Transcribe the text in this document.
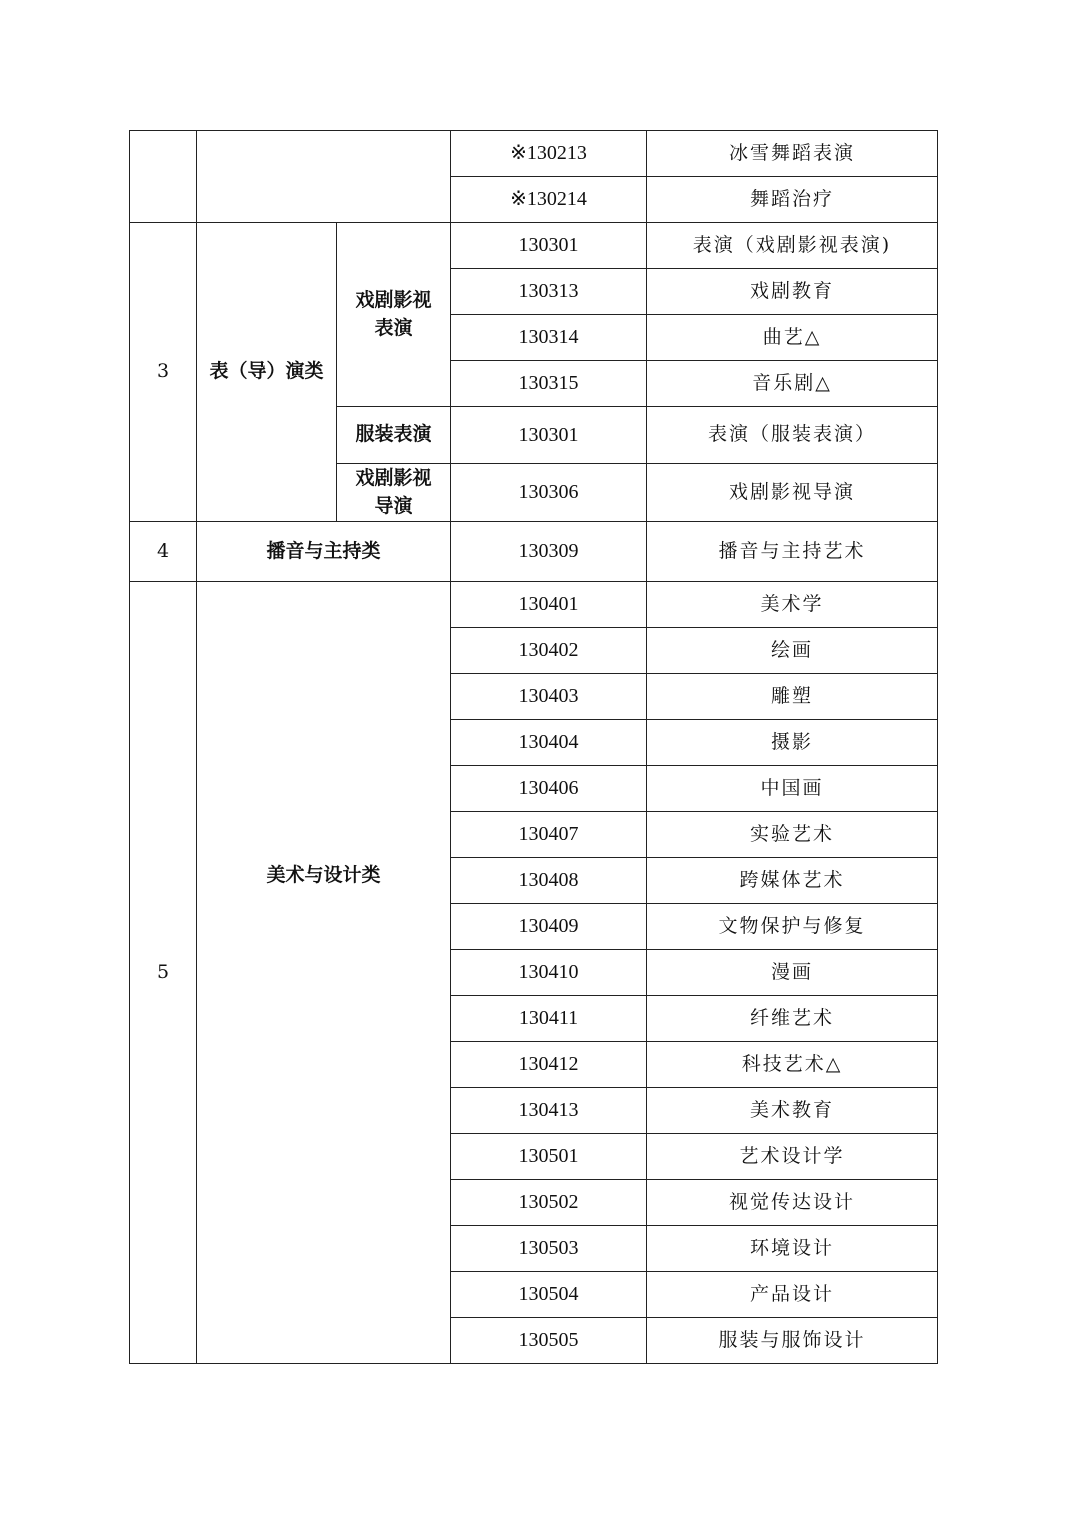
			※130213	冰雪舞蹈表演
			※130214	舞蹈治疗
3	表（导）演类	戏剧影视表演	130301	表演（戏剧影视表演)
			130313	戏剧教育
			130314	曲艺△
			130315	音乐剧△
		服装表演	130301	表演（服装表演）
		戏剧影视导演	130306	戏剧影视导演
4	播音与主持类		130309	播音与主持艺术
5	美术与设计类		130401	美术学
			130402	绘画
			130403	雕塑
			130404	摄影
			130406	中国画
			130407	实验艺术
			130408	跨媒体艺术
			130409	文物保护与修复
			130410	漫画
			130411	纤维艺术
			130412	科技艺术△
			130413	美术教育
			130501	艺术设计学
			130502	视觉传达设计
			130503	环境设计
			130504	产品设计
			130505	服装与服饰设计
